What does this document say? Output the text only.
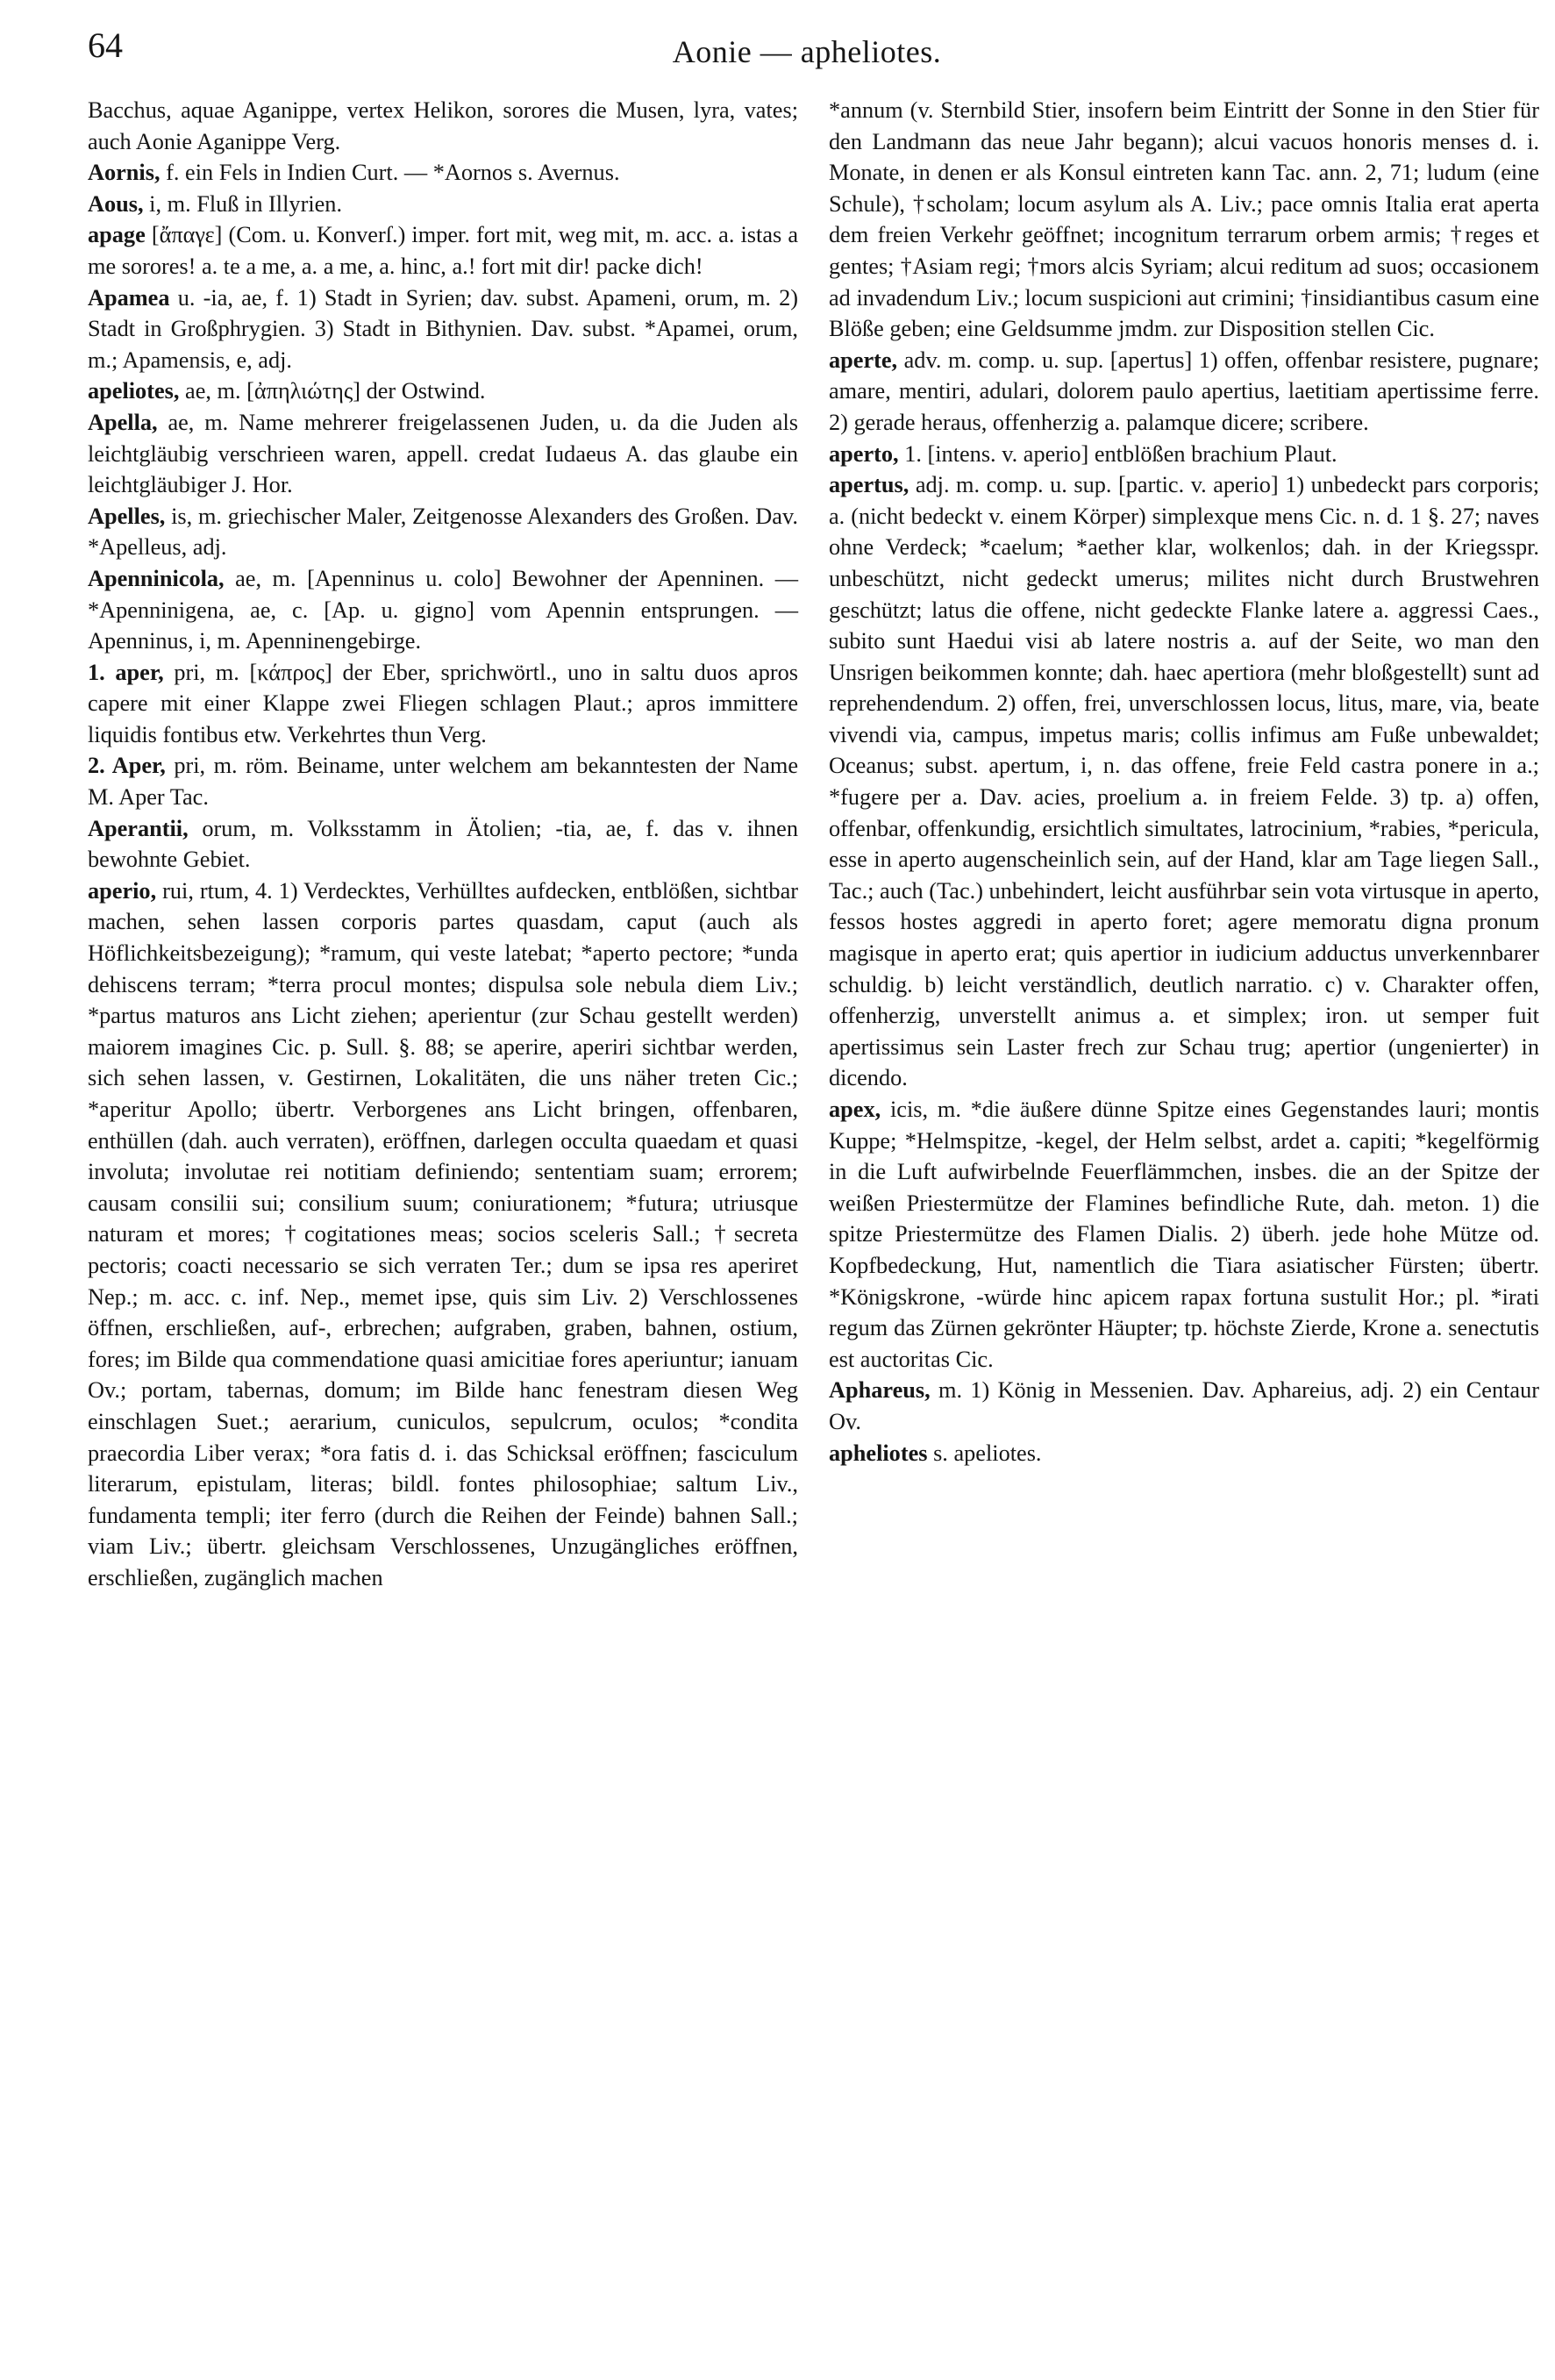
64	Aonie — apheliotes.

Bacchus, aquae Aganippe, vertex Helikon, sorores die Musen, lyra, vates; auch Aonie Aganippe Verg.

Aornis, f. ein Fels in Indien Curt. — *Aornos s. Avernus.

Aous, i, m. Fluß in Illyrien.

apage [ἄπαγε] (Com. u. Konverſ.) imper. fort mit, weg mit, m. acc. a. istas a me sorores! a. te a me, a. a me, a. hinc, a.! fort mit dir! packe dich!

Apamea u. -ia, ae, f. 1) Stadt in Syrien; dav. subst. Apameni, orum, m. 2) Stadt in Großphrygien. 3) Stadt in Bithynien. Dav. subst. *Apamei, orum, m.; Apamensis, e, adj.

apeliotes, ae, m. [ἀπηλιώτης] der Ostwind.

Apella, ae, m. Name mehrerer freigelassenen Juden, u. da die Juden als leichtgläubig verschrieen waren, appell. credat Iudaeus A. das glaube ein leichtgläubiger J. Hor.

Apelles, is, m. griechischer Maler, Zeitgenosse Alexanders des Großen. Dav. *Apelleus, adj.

Apenninicola, ae, m. [Apenninus u. colo] Bewohner der Apenninen. — *Apenninigena, ae, c. [Ap. u. gigno] vom Apennin entsprungen. — Apenninus, i, m. Apenninengebirge.

1. aper, pri, m. [κάπρος] der Eber, sprichwörtl., uno in saltu duos apros capere mit einer Klappe zwei Fliegen schlagen Plaut.; apros immittere liquidis fontibus etw. Verkehrtes thun Verg.

2. Aper, pri, m. röm. Beiname, unter welchem am bekanntesten der Name M. Aper Tac.

Aperantii, orum, m. Volksstamm in Ätolien; -tia, ae, f. das v. ihnen bewohnte Gebiet.

aperio, rui, rtum, 4. 1) Verdecktes, Verhülltes aufdecken, entblößen, sichtbar machen, sehen lassen corporis partes quasdam, caput (auch als Höflichkeitsbezeigung); *ramum, qui veste latebat; *aperto pectore; *unda dehiscens terram; *terra procul montes; dispulsa sole nebula diem Liv.; *partus maturos ans Licht ziehen; aperientur (zur Schau gestellt werden) maiorem imagines Cic. p. Sull. §. 88; se aperire, aperiri sichtbar werden, sich sehen lassen, v. Gestirnen, Lokalitäten, die uns näher treten Cic.; *aperitur Apollo; übertr. Verborgenes ans Licht bringen, offenbaren, enthüllen (dah. auch verraten), eröffnen, darlegen occulta quaedam et quasi involuta; involutae rei notitiam definiendo; sententiam suam; errorem; causam consilii sui; consilium suum; coniurationem; *futura; utriusque naturam et mores; †cogitationes meas; socios sceleris Sall.; †secreta pectoris; coacti necessario se sich verraten Ter.; dum se ipsa res aperiret Nep.; m. acc. c. inf. Nep., memet ipse, quis sim Liv. 2) Verschlossenes öffnen, erschließen, auf-, erbrechen; aufgraben, graben, bahnen, ostium, fores; im Bilde qua commendatione quasi amicitiae fores aperiuntur; ianuam Ov.; portam, tabernas, domum; im Bilde hanc fenestram diesen Weg einschlagen Suet.; aerarium, cuniculos, sepulcrum, oculos; *condita praecordia Liber verax; *ora fatis d. i. das Schicksal eröffnen; fasciculum literarum, epistulam, literas; bildl. fontes philosophiae; saltum Liv., fundamenta templi; iter ferro (durch die Reihen der Feinde) bahnen Sall.; viam Liv.; übertr. gleichsam Verschlossenes, Unzugängliches eröffnen, erschließen, zugänglich machen

*annum (v. Sternbild Stier, insofern beim Eintritt der Sonne in den Stier für den Landmann das neue Jahr begann); alcui vacuos honoris menses d. i. Monate, in denen er als Konsul eintreten kann Tac. ann. 2, 71; ludum (eine Schule), †scholam; locum asylum als A. Liv.; pace omnis Italia erat aperta dem freien Verkehr geöffnet; incognitum terrarum orbem armis; †reges et gentes; †Asiam regi; †mors alcis Syriam; alcui reditum ad suos; occasionem ad invadendum Liv.; locum suspicioni aut crimini; †insidiantibus casum eine Blöße geben; eine Geldsumme jmdm. zur Disposition stellen Cic.

aperte, adv. m. comp. u. sup. [apertus] 1) offen, offenbar resistere, pugnare; amare, mentiri, adulari, dolorem paulo apertius, laetitiam apertissime ferre. 2) gerade heraus, offenherzig a. palamque dicere; scribere.

aperto, 1. [intens. v. aperio] entblößen brachium Plaut.

apertus, adj. m. comp. u. sup. [partic. v. aperio] 1) unbedeckt pars corporis; a. (nicht bedeckt v. einem Körper) simplexque mens Cic. n. d. 1 §. 27; naves ohne Verdeck; *caelum; *aether klar, wolkenlos; dah. in der Kriegsspr. unbeschützt, nicht gedeckt umerus; milites nicht durch Brustwehren geschützt; latus die offene, nicht gedeckte Flanke latere a. aggressi Caes., subito sunt Haedui visi ab latere nostris a. auf der Seite, wo man den Unsrigen beikommen konnte; dah. haec apertiora (mehr bloßgestellt) sunt ad reprehendendum. 2) offen, frei, unverschlossen locus, litus, mare, via, beate vivendi via, campus, impetus maris; collis infimus am Fuße unbewaldet; Oceanus; subst. apertum, i, n. das offene, freie Feld castra ponere in a.; *fugere per a. Dav. acies, proelium a. in freiem Felde. 3) tp. a) offen, offenbar, offenkundig, ersichtlich simultates, latrocinium, *rabies, *pericula, esse in aperto augenscheinlich sein, auf der Hand, klar am Tage liegen Sall., Tac.; auch (Tac.) unbehindert, leicht ausführbar sein vota virtusque in aperto, fessos hostes aggredi in aperto foret; agere memoratu digna pronum magisque in aperto erat; quis apertior in iudicium adductus unverkennbarer schuldig. b) leicht verständlich, deutlich narratio. c) v. Charakter offen, offenherzig, unverstellt animus a. et simplex; iron. ut semper fuit apertissimus sein Laster frech zur Schau trug; apertior (ungenierter) in dicendo.

apex, icis, m. *die äußere dünne Spitze eines Gegenstandes lauri; montis Kuppe; *Helmspitze, -kegel, der Helm selbst, ardet a. capiti; *kegelförmig in die Luft aufwirbelnde Feuerflämmchen, insbes. die an der Spitze der weißen Priestermütze der Flamines befindliche Rute, dah. meton. 1) die spitze Priestermütze des Flamen Dialis. 2) überh. jede hohe Mütze od. Kopfbedeckung, Hut, namentlich die Tiara asiatischer Fürsten; übertr. *Königskrone, -würde hinc apicem rapax fortuna sustulit Hor.; pl. *irati regum das Zürnen gekrönter Häupter; tp. höchste Zierde, Krone a. senectutis est auctoritas Cic.

Aphareus, m. 1) König in Messenien. Dav. Aphareius, adj. 2) ein Centaur Ov.

apheliotes s. apeliotes.
